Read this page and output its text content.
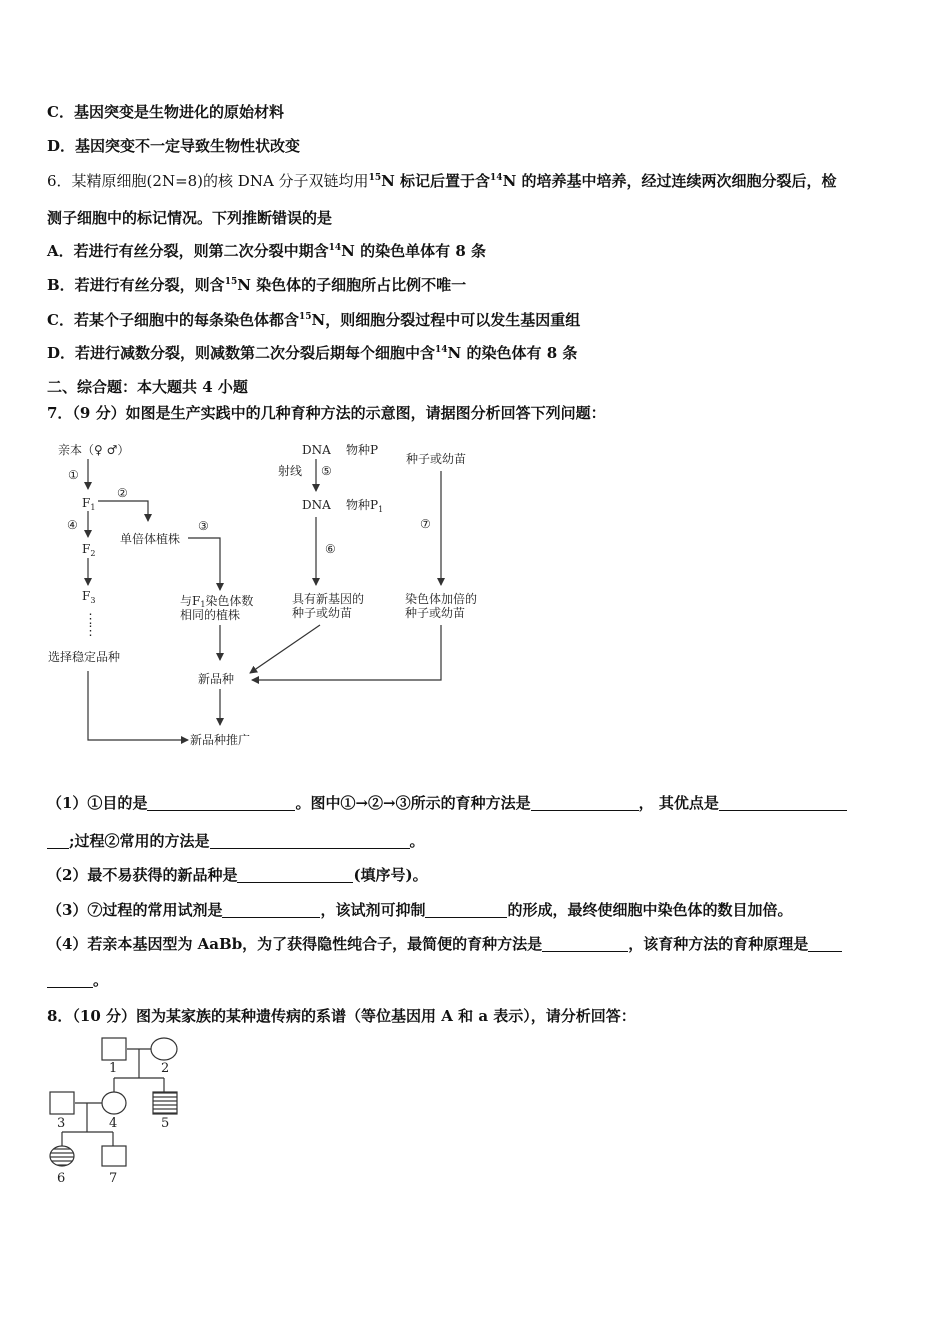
C．基因突变是生物进化的原始材料
D．基因突变不一定导致生物性状改变
6．某精原细胞(2N=8)的核 DNA 分子双链均用$^{15}$N 标记后置于含$^{14}$N 的培养基中培养，经过连续两次细胞分裂后，检
测子细胞中的标记情况。下列推断错误的是
A．若进行有丝分裂，则第二次分裂中期含$^{14}$N 的染色单体有 8 条
B．若进行有丝分裂，则含$^{15}$N 染色体的子细胞所占比例不唯一
C．若某个子细胞中的每条染色体都含$^{15}$N，则细胞分裂过程中可以发生基因重组
D．若进行减数分裂，则减数第二次分裂后期每个细胞中含$^{14}$N 的染色体有 8 条
二、综合题：本大题共 4 小题
7．（9 分）如图是生产实践中的几种育种方法的示意图，请据图分析回答下列问题：
亲本（♀ ♂）
①
$F_1$
②
④
$F_2$
$F_3$
⋮
⋮
选择稳定品种
单倍体植株
③
与F1染色体数
相同的植株
新品种
新品种推广
DNA 物种P
射线 ⑤
DNA 物种$P_1$
⑥
具有新基因的
种子或幼苗
种子或幼苗
⑦
染色体加倍的
种子或幼苗
（1）①目的是	。图中①→②→③所示的育种方法是	， 其优点是
;过程②常用的方法是	。
（2）最不易获得的新品种是	(填序号)。
（3）⑦过程的常用试剂是	，该试剂可抑制	的形成，最终使细胞中染色体的数目加倍。
（4）若亲本基因型为 AaBb，为了获得隐性纯合子，最简便的育种方法是	，该育种方法的育种原理是
。
8．（10 分）图为某家族的某种遗传病的系谱（等位基因用 A 和 a 表示），请分析回答：
1	2
3	4	5
6	7
